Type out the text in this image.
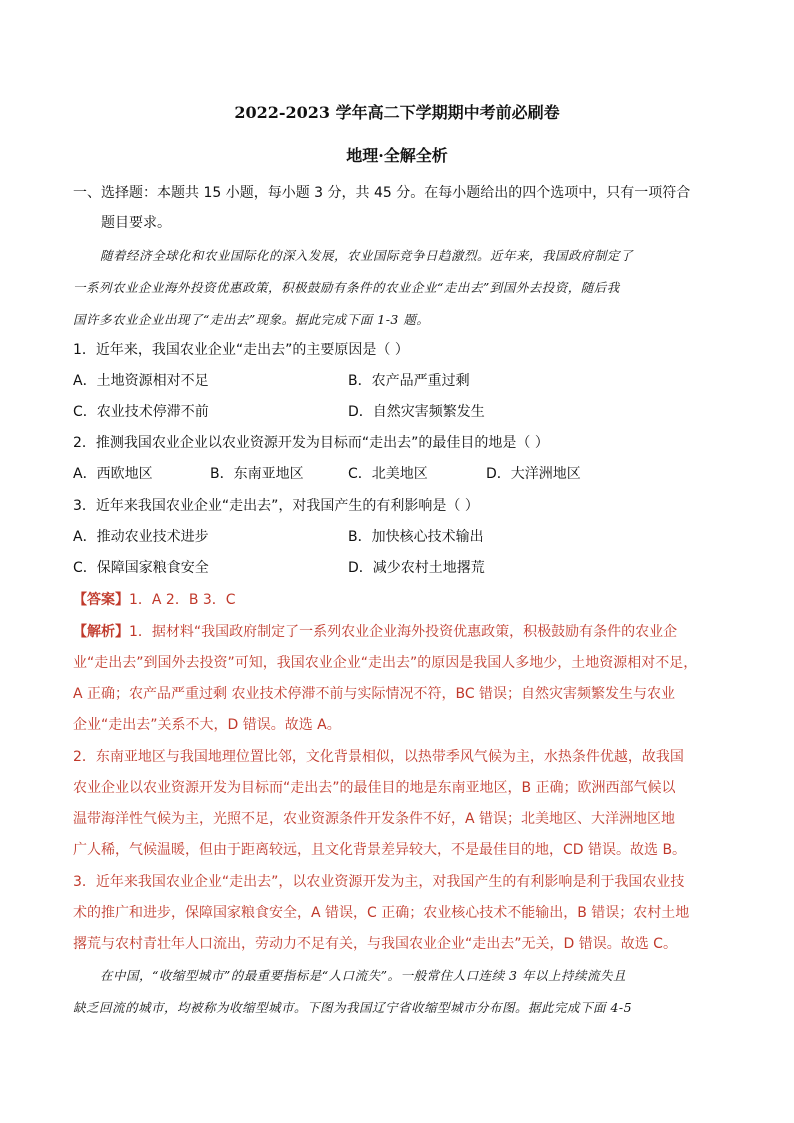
2022-2023 学年高二下学期期中考前必刷卷
地理·全解全析
一、选择题：本题共 15 小题，每小题 3 分，共 45 分。在每小题给出的四个选项中，只有一项符合
题目要求。
随着经济全球化和农业国际化的深入发展，农业国际竞争日趋激烈。近年来，我国政府制定了
一系列农业企业海外投资优惠政策，积极鼓励有条件的农业企业“走出去”到国外去投资，随后我
国许多农业企业出现了“走出去”现象。据此完成下面 1-3 题。
1．近年来，我国农业企业“走出去”的主要原因是（ ）
A．土地资源相对不足	B．农产品严重过剩
C．农业技术停滞不前	D．自然灾害频繁发生
2．推测我国农业企业以农业资源开发为目标而“走出去”的最佳目的地是（ ）
A．西欧地区	B．东南亚地区	C．北美地区	D．大洋洲地区
3．近年来我国农业企业“走出去”，对我国产生的有利影响是（ ）
A．推动农业技术进步	B．加快核心技术输出
C．保障国家粮食安全	D．减少农村土地撂荒
【答案】1．A 2．B 3．C
【解析】1．据材料“我国政府制定了一系列农业企业海外投资优惠政策，积极鼓励有条件的农业企
业“走出去”到国外去投资”可知，我国农业企业“走出去”的原因是我国人多地少，土地资源相对不足，
A 正确；农产品严重过剩 农业技术停滞不前与实际情况不符，BC 错误；自然灾害频繁发生与农业
企业“走出去”关系不大，D 错误。故选 A。
2．东南亚地区与我国地理位置比邻，文化背景相似，以热带季风气候为主，水热条件优越，故我国
农业企业以农业资源开发为目标而“走出去”的最佳目的地是东南亚地区，B 正确；欧洲西部气候以
温带海洋性气候为主，光照不足，农业资源条件开发条件不好，A 错误；北美地区、大洋洲地区地
广人稀，气候温暖，但由于距离较远，且文化背景差异较大，不是最佳目的地，CD 错误。故选 B。
3．近年来我国农业企业“走出去”，以农业资源开发为主，对我国产生的有利影响是利于我国农业技
术的推广和进步，保障国家粮食安全，A 错误，C 正确；农业核心技术不能输出，B 错误；农村土地
撂荒与农村青壮年人口流出，劳动力不足有关，与我国农业企业“走出去”无关，D 错误。故选 C。
在中国，“收缩型城市”的最重要指标是“人口流失”。一般常住人口连续 3 年以上持续流失且
缺乏回流的城市，均被称为收缩型城市。下图为我国辽宁省收缩型城市分布图。据此完成下面 4-5
